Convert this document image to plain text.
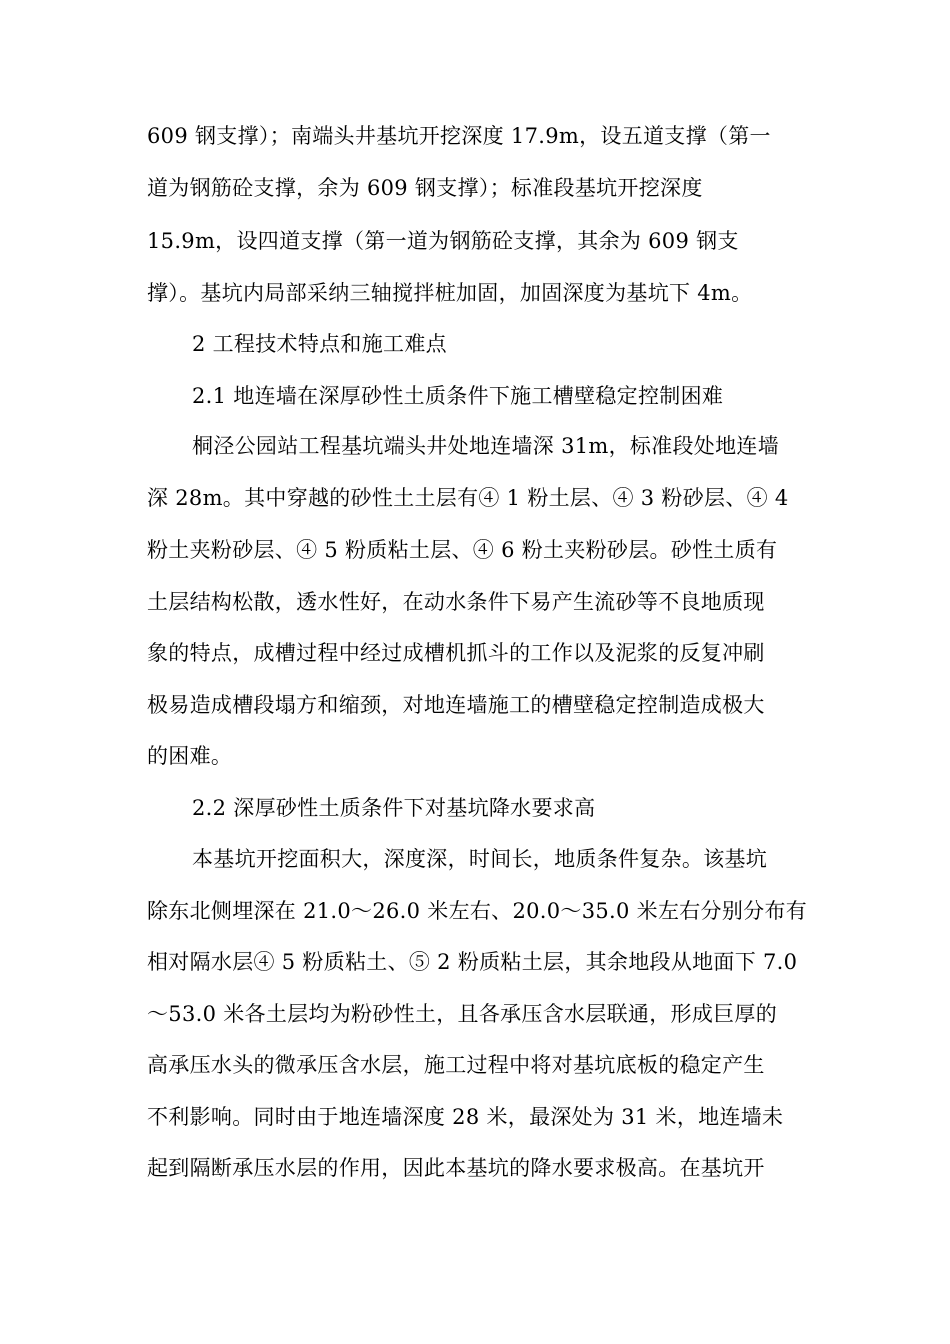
609 钢支撑）；南端头井基坑开挖深度 17.9m，设五道支撑（第一
道为钢筋砼支撑，余为 609 钢支撑）；标准段基坑开挖深度
15.9m，设四道支撑（第一道为钢筋砼支撑，其余为 609 钢支
撑）。基坑内局部采纳三轴搅拌桩加固，加固深度为基坑下 4m。
2 工程技术特点和施工难点
2.1 地连墙在深厚砂性土质条件下施工槽壁稳定控制困难
桐泾公园站工程基坑端头井处地连墙深 31m，标准段处地连墙
深 28m。其中穿越的砂性土土层有④ 1 粉土层、④ 3 粉砂层、④ 4
粉土夹粉砂层、④ 5 粉质粘土层、④ 6 粉土夹粉砂层。砂性土质有
土层结构松散，透水性好，在动水条件下易产生流砂等不良地质现
象的特点，成槽过程中经过成槽机抓斗的工作以及泥浆的反复冲刷
极易造成槽段塌方和缩颈，对地连墙施工的槽壁稳定控制造成极大
的困难。
2.2 深厚砂性土质条件下对基坑降水要求高
本基坑开挖面积大，深度深，时间长，地质条件复杂。该基坑
除东北侧埋深在 21.0～26.0 米左右、20.0～35.0 米左右分别分布有
相对隔水层④ 5 粉质粘土、⑤ 2 粉质粘土层，其余地段从地面下 7.0
～53.0 米各土层均为粉砂性土，且各承压含水层联通，形成巨厚的
高承压水头的微承压含水层，施工过程中将对基坑底板的稳定产生
不利影响。同时由于地连墙深度 28 米，最深处为 31 米，地连墙未
起到隔断承压水层的作用，因此本基坑的降水要求极高。在基坑开
